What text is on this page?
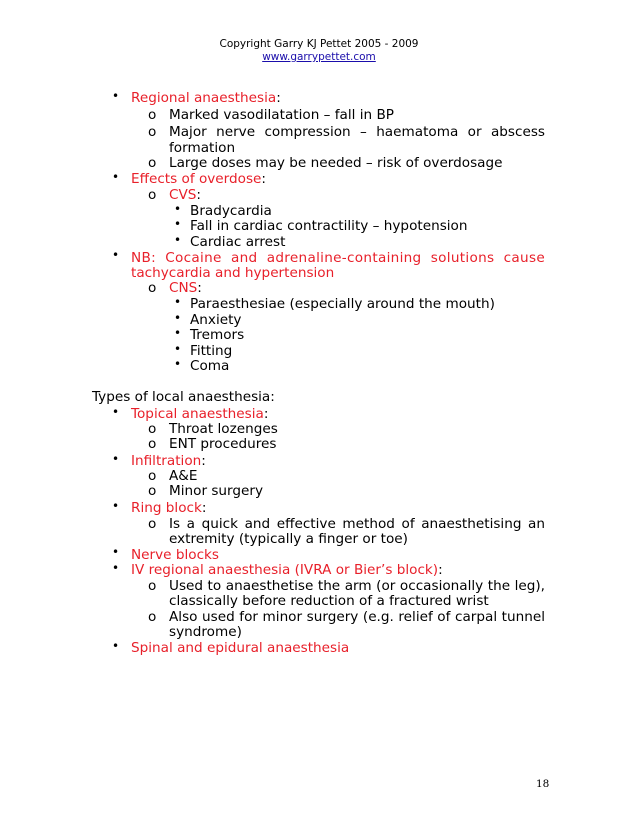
Copyright Garry KJ Pettet 2005 - 2009
www.garrypettet.com
• Regional anaesthesia:
o Marked vasodilatation – fall in BP
o Major nerve compression – haematoma or abscess
formation
o Large doses may be needed – risk of overdosage
• Effects of overdose:
o CVS:
• Bradycardia
• Fall in cardiac contractility – hypotension
• Cardiac arrest
• NB: Cocaine and adrenaline-containing solutions cause
tachycardia and hypertension
o CNS:
• Paraesthesiae (especially around the mouth)
• Anxiety
• Tremors
• Fitting
• Coma
Types of local anaesthesia:
• Topical anaesthesia:
o Throat lozenges
o ENT procedures
• Infiltration:
o A&E
o Minor surgery
• Ring block:
o Is a quick and effective method of anaesthetising an
extremity (typically a finger or toe)
• Nerve blocks
• IV regional anaesthesia (IVRA or Bier’s block):
o Used to anaesthetise the arm (or occasionally the leg),
classically before reduction of a fractured wrist
o Also used for minor surgery (e.g. relief of carpal tunnel
syndrome)
• Spinal and epidural anaesthesia
18
